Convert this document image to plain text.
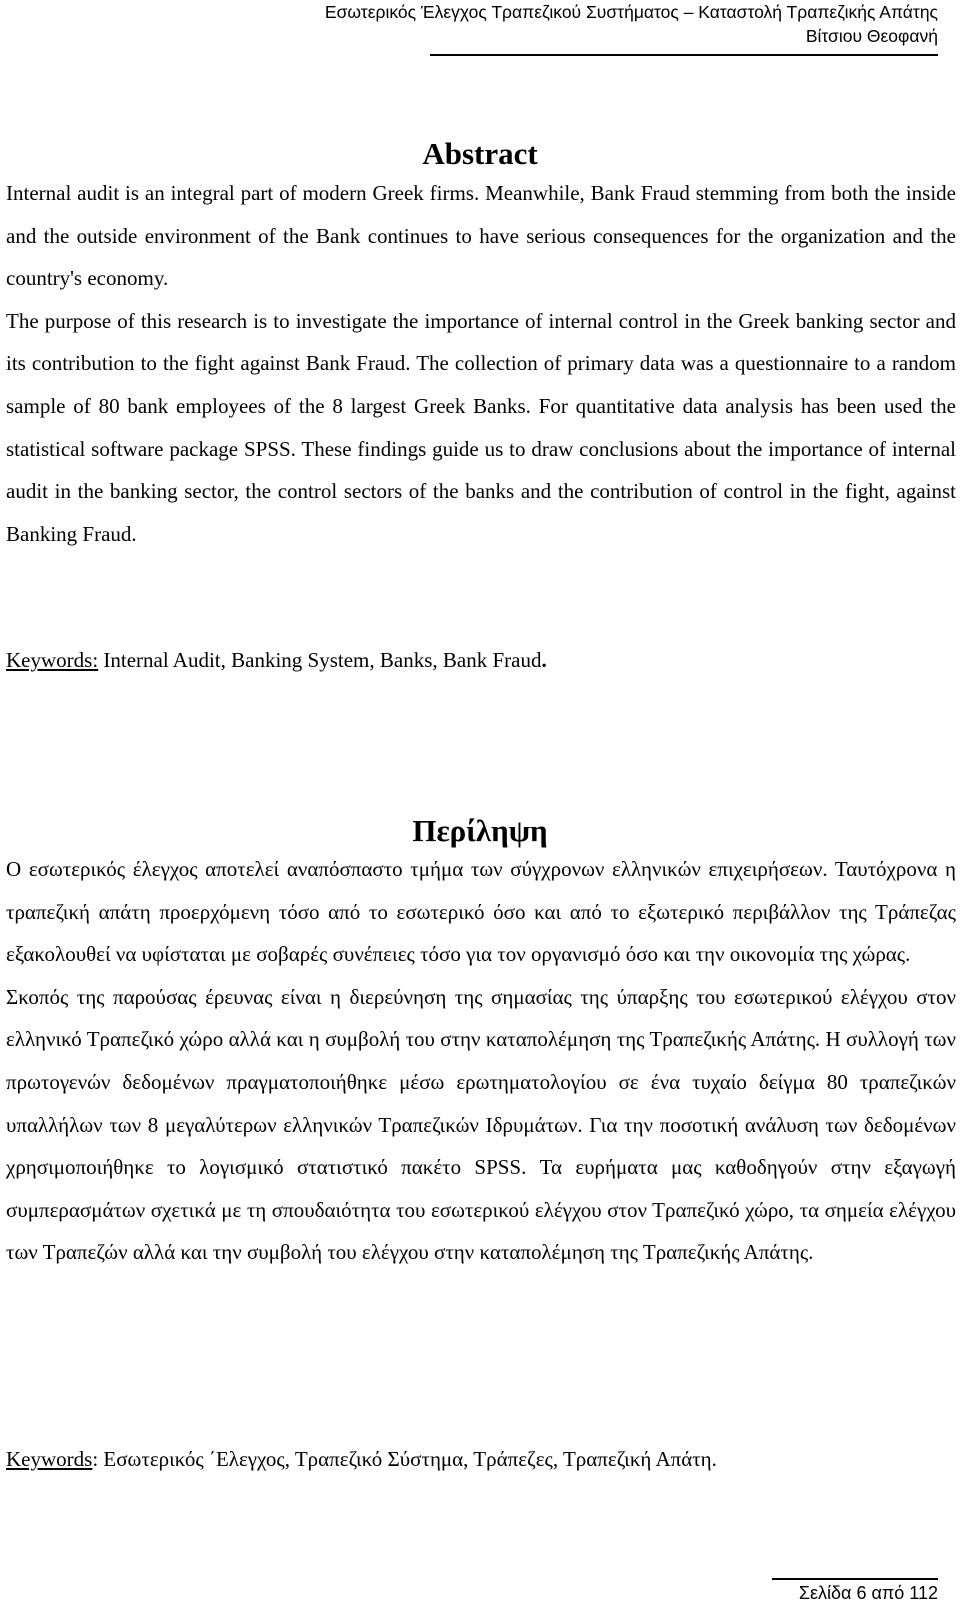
Εσωτερικός Έλεγχος Τραπεζικού Συστήματος – Καταστολή Τραπεζικής Απάτης
Βίτσιου Θεοφανή
Abstract

Internal audit is an integral part of modern Greek firms. Meanwhile, Bank Fraud stemming from both the inside and the outside environment of the Bank continues to have serious consequences for the organization and the country's economy.

The purpose of this research is to investigate the importance of internal control in the Greek banking sector and its contribution to the fight against Bank Fraud. The collection of primary data was a questionnaire to a random sample of 80 bank employees of the 8 largest Greek Banks. For quantitative data analysis has been used the statistical software package SPSS. These findings guide us to draw conclusions about the importance of internal audit in the banking sector, the control sectors of the banks and the contribution of control in the fight, against Banking Fraud.

Keywords: Internal Audit, Banking System, Banks, Bank Fraud.
Περίληψη

Ο εσωτερικός έλεγχος αποτελεί αναπόσπαστο τμήμα των σύγχρονων ελληνικών επιχειρήσεων. Ταυτόχρονα η τραπεζική απάτη προερχόμενη τόσο από το εσωτερικό όσο και από το εξωτερικό περιβάλλον της Τράπεζας εξακολουθεί να υφίσταται με σοβαρές συνέπειες τόσο για τον οργανισμό όσο και την οικονομία της χώρας.

Σκοπός της παρούσας έρευνας είναι η διερεύνηση της σημασίας της ύπαρξης του εσωτερικού ελέγχου στον ελληνικό Τραπεζικό χώρο αλλά και η συμβολή του στην καταπολέμηση της Τραπεζικής Απάτης. Η συλλογή των πρωτογενών δεδομένων πραγματοποιήθηκε μέσω ερωτηματολογίου σε ένα τυχαίο δείγμα 80 τραπεζικών υπαλλήλων των 8 μεγαλύτερων ελληνικών Τραπεζικών Ιδρυμάτων. Για την ποσοτική ανάλυση των δεδομένων χρησιμοποιήθηκε το λογισμικό στατιστικό πακέτο SPSS. Τα ευρήματα μας καθοδηγούν στην εξαγωγή συμπερασμάτων σχετικά με τη σπουδαιότητα του εσωτερικού ελέγχου στον Τραπεζικό χώρο, τα σημεία ελέγχου των Τραπεζών αλλά και την συμβολή του ελέγχου στην καταπολέμηση της Τραπεζικής Απάτης.

Keywords: Εσωτερικός ΄Ελεγχος, Τραπεζικό Σύστημα, Τράπεζες, Τραπεζική Απάτη.
Σελίδα 6 από 112
